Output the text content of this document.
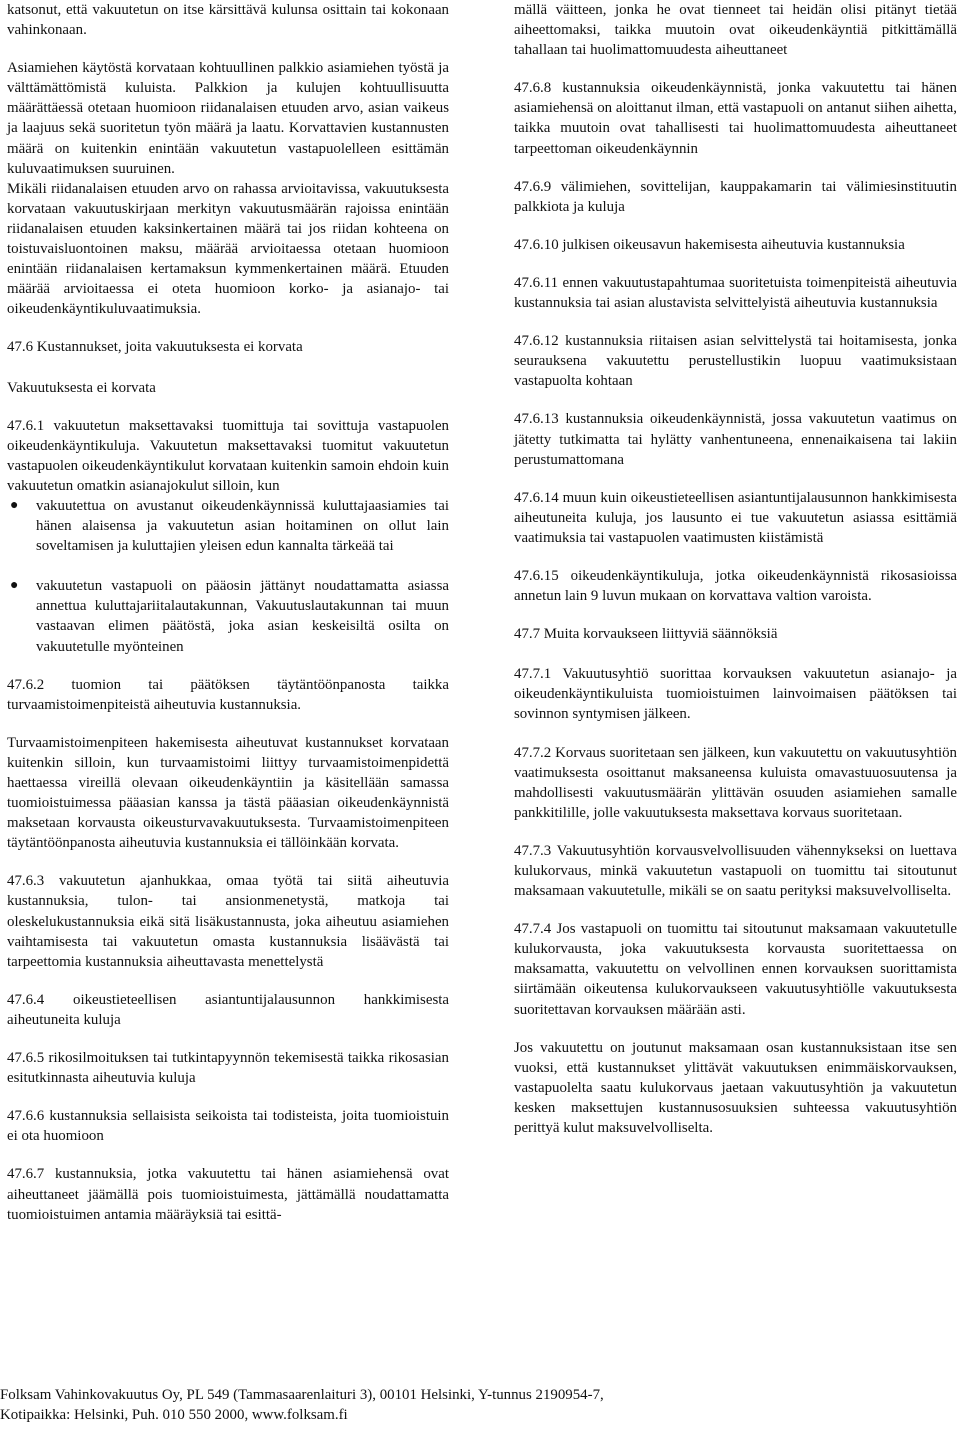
katsonut, että vakuutetun on itse kärsittävä kulunsa osittain tai kokonaan vahinkonaan.

Asiamiehen käytöstä korvataan kohtuullinen palkkio asiamiehen työstä ja välttämättömistä kuluista. Palkkion ja kulujen kohtuullisuutta määrättäessä otetaan huomioon riidanalaisen etuuden arvo, asian vaikeus ja laajuus sekä suoritetun työn määrä ja laatu. Korvattavien kustannusten määrä on kuitenkin enintään vakuutetun vastapuolelleen esittämän kuluvaatimuksen suuruinen.

Mikäli riidanalaisen etuuden arvo on rahassa arvioitavissa, vakuutuksesta korvataan vakuutuskirjaan merkityn vakuutusmäärän rajoissa enintään riidanalaisen etuuden kaksinkertainen määrä tai jos riidan kohteena on toistuvaisluontoinen maksu, määrää arvioitaessa otetaan huomioon enintään riidanalaisen kertamaksun kymmenkertainen määrä. Etuuden määrää arvioitaessa ei oteta huomioon korko- ja asianajo- tai oikeudenkäyntikuluvaatimuksia.

47.6 Kustannukset, joita vakuutuksesta ei korvata

Vakuutuksesta ei korvata

47.6.1 vakuutetun maksettavaksi tuomittuja tai sovittuja vastapuolen oikeudenkäyntikuluja. Vakuutetun maksettavaksi tuomitut vakuutetun vastapuolen oikeudenkäyntikulut korvataan kuitenkin samoin ehdoin kuin vakuutetun omatkin asianajokulut silloin, kun

● vakuutettua on avustanut oikeudenkäynnissä kuluttajaasiamies tai hänen alaisensa ja vakuutetun asian hoitaminen on ollut lain soveltamisen ja kuluttajien yleisen edun kannalta tärkeää tai
● vakuutetun vastapuoli on pääosin jättänyt noudattamatta asiassa annettua kuluttajariitalautakunnan, Vakuutuslautakunnan tai muun vastaavan elimen päätöstä, joka asian keskeisiltä osilta on vakuutetulle myönteinen

47.6.2 tuomion tai päätöksen täytäntöönpanosta taikka turvaamistoimenpiteistä aiheutuvia kustannuksia.

Turvaamistoimenpiteen hakemisesta aiheutuvat kustannukset korvataan kuitenkin silloin, kun turvaamistoimi liittyy turvaamistoimenpidettä haettaessa vireillä olevaan oikeudenkäyntiin ja käsitellään samassa tuomioistuimessa pääasian kanssa ja tästä pääasian oikeudenkäynnistä maksetaan korvausta oikeusturvavakuutuksesta. Turvaamistoimenpiteen täytäntöönpanosta aiheutuvia kustannuksia ei tällöinkään korvata.

47.6.3 vakuutetun ajanhukkaa, omaa työtä tai siitä aiheutuvia kustannuksia, tulon- tai ansionmenetystä, matkoja tai oleskelukustannuksia eikä sitä lisäkustannusta, joka aiheutuu asiamiehen vaihtamisesta tai vakuutetun omasta kustannuksia lisäävästä tai tarpeettomia kustannuksia aiheuttavasta menettelystä

47.6.4 oikeustieteellisen asiantuntijalausunnon hankkimisesta aiheutuneita kuluja

47.6.5 rikosilmoituksen tai tutkintapyynnön tekemisestä taikka rikosasian esitutkinnasta aiheutuvia kuluja

47.6.6 kustannuksia sellaisista seikoista tai todisteista, joita tuomioistuin ei ota huomioon

47.6.7 kustannuksia, jotka vakuutettu tai hänen asiamiehensä ovat aiheuttaneet jäämällä pois tuomioistuimesta, jättämällä noudattamatta tuomioistuimen antamia määräyksiä tai esittä-

mällä väitteen, jonka he ovat tienneet tai heidän olisi pitänyt tietää aiheettomaksi, taikka muutoin ovat oikeudenkäyntiä pitkittämällä tahallaan tai huolimattomuudesta aiheuttaneet

47.6.8 kustannuksia oikeudenkäynnistä, jonka vakuutettu tai hänen asiamiehensä on aloittanut ilman, että vastapuoli on antanut siihen aihetta, taikka muutoin ovat tahallisesti tai huolimattomuudesta aiheuttaneet tarpeettoman oikeudenkäynnin

47.6.9 välimiehen, sovittelijan, kauppakamarin tai välimiesinstituutin palkkiota ja kuluja

47.6.10 julkisen oikeusavun hakemisesta aiheutuvia kustannuksia

47.6.11 ennen vakuutustapahtumaa suoritetuista toimenpiteistä aiheutuvia kustannuksia tai asian alustavista selvittelyistä aiheutuvia kustannuksia

47.6.12 kustannuksia riitaisen asian selvittelystä tai hoitamisesta, jonka seurauksena vakuutettu perustellustikin luopuu vaatimuksistaan vastapuolta kohtaan

47.6.13 kustannuksia oikeudenkäynnistä, jossa vakuutetun vaatimus on jätetty tutkimatta tai hylätty vanhentuneena, ennenaikaisena tai lakiin perustumattomana

47.6.14 muun kuin oikeustieteellisen asiantuntijalausunnon hankkimisesta aiheutuneita kuluja, jos lausunto ei tue vakuutetun asiassa esittämiä vaatimuksia tai vastapuolen vaatimusten kiistämistä

47.6.15 oikeudenkäyntikuluja, jotka oikeudenkäynnistä rikosasioissa annetun lain 9 luvun mukaan on korvattava valtion varoista.

47.7 Muita korvaukseen liittyviä säännöksiä

47.7.1 Vakuutusyhtiö suorittaa korvauksen vakuutetun asianajo- ja oikeudenkäyntikuluista tuomioistuimen lainvoimaisen päätöksen tai sovinnon syntymisen jälkeen.

47.7.2 Korvaus suoritetaan sen jälkeen, kun vakuutettu on vakuutusyhtiön vaatimuksesta osoittanut maksaneensa kuluista omavastuuosuutensa ja mahdollisesti vakuutusmäärän ylittävän osuuden asiamiehen samalle pankkitilille, jolle vakuutuksesta maksettava korvaus suoritetaan.

47.7.3 Vakuutusyhtiön korvausvelvollisuuden vähennykseksi on luettava kulukorvaus, minkä vakuutetun vastapuoli on tuomittu tai sitoutunut maksamaan vakuutetulle, mikäli se on saatu perityksi maksuvelvolliselta.

47.7.4 Jos vastapuoli on tuomittu tai sitoutunut maksamaan vakuutetulle kulukorvausta, joka vakuutuksesta korvausta suoritettaessa on maksamatta, vakuutettu on velvollinen ennen korvauksen suorittamista siirtämään oikeutensa kulukorvaukseen vakuutusyhtiölle vakuutuksesta suoritettavan korvauksen määrään asti.

Jos vakuutettu on joutunut maksamaan osan kustannuksistaan itse sen vuoksi, että kustannukset ylittävät vakuutuksen enimmäiskorvauksen, vastapuolelta saatu kulukorvaus jaetaan vakuutusyhtiön ja vakuutetun kesken maksettujen kustannusosuuksien suhteessa vakuutusyhtiön perittyä kulut maksuvelvolliselta.

Folksam Vahinkovakuutus Oy, PL 549 (Tammasaarenlaituri 3), 00101 Helsinki, Y-tunnus 2190954-7,
Kotipaikka: Helsinki, Puh. 010 550 2000, www.folksam.fi
